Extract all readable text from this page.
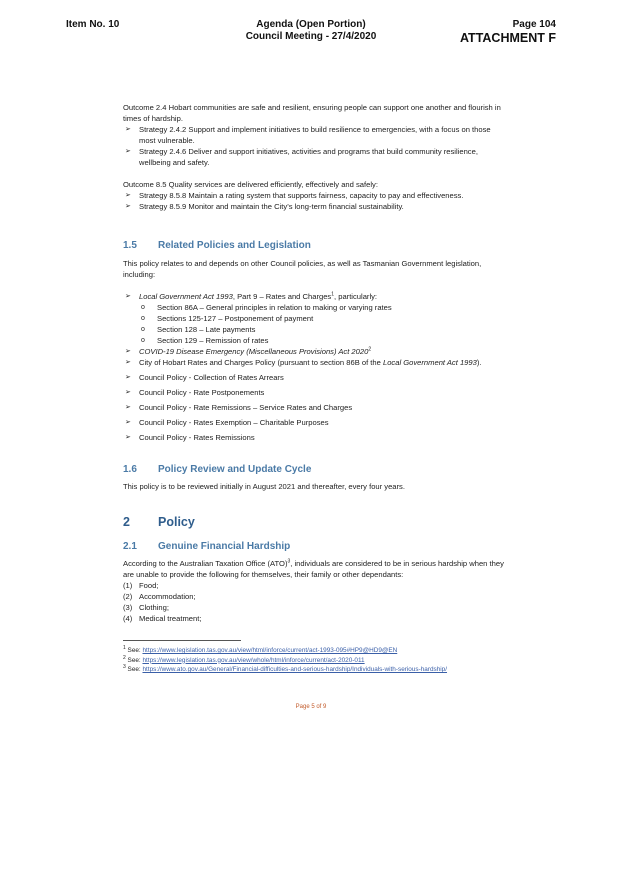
Item No. 10	Agenda (Open Portion)
Council Meeting - 27/4/2020
Page 104
ATTACHMENT F

Outcome 2.4 Hobart communities are safe and resilient, ensuring people can support one another and flourish in times of hardship.

➢ Strategy 2.4.2 Support and implement initiatives to build resilience to emergencies, with a focus on those most vulnerable.
➢ Strategy 2.4.6 Deliver and support initiatives, activities and programs that build community resilience, wellbeing and safety.

Outcome 8.5 Quality services are delivered efficiently, effectively and safely:

➢ Strategy 8.5.8 Maintain a rating system that supports fairness, capacity to pay and effectiveness.
➢ Strategy 8.5.9 Monitor and maintain the City’s long-term financial sustainability.
1.5 Related Policies and Legislation

This policy relates to and depends on other Council policies, as well as Tasmanian Government legislation, including:

➢ Local Government Act 1993, Part 9 – Rates and Charges$^1$, particularly:
o Section 86A – General principles in relation to making or varying rates
o Sections 125-127 – Postponement of payment
o Section 128 – Late payments
o Section 129 – Remission of rates
➢ COVID-19 Disease Emergency (Miscellaneous Provisions) Act 2020$^2$
➢ City of Hobart Rates and Charges Policy (pursuant to section 86B of the Local Government Act 1993).
➢ Council Policy - Collection of Rates Arrears
➢ Council Policy - Rate Postponements
➢ Council Policy - Rate Remissions – Service Rates and Charges
➢ Council Policy - Rates Exemption – Charitable Purposes
➢ Council Policy - Rates Remissions
1.6 Policy Review and Update Cycle

This policy is to be reviewed initially in August 2021 and thereafter, every four years.

2 Policy
2.1 Genuine Financial Hardship

According to the Australian Taxation Office (ATO)$^3$, individuals are considered to be in serious hardship when they are unable to provide the following for themselves, their family or other dependants:

(1) Food;
(2) Accommodation;
(3) Clothing;
(4) Medical treatment;
$^1$ See: https://www.legislation.tas.gov.au/view/html/inforce/current/act-1993-095#HP9@HD9@EN
$^2$ See: https://www.legislation.tas.gov.au/view/whole/html/inforce/current/act-2020-011
$^3$ See: https://www.ato.gov.au/General/Financial-difficulties-and-serious-hardship/Individuals-with-serious-hardship/
Page 5 of 9
